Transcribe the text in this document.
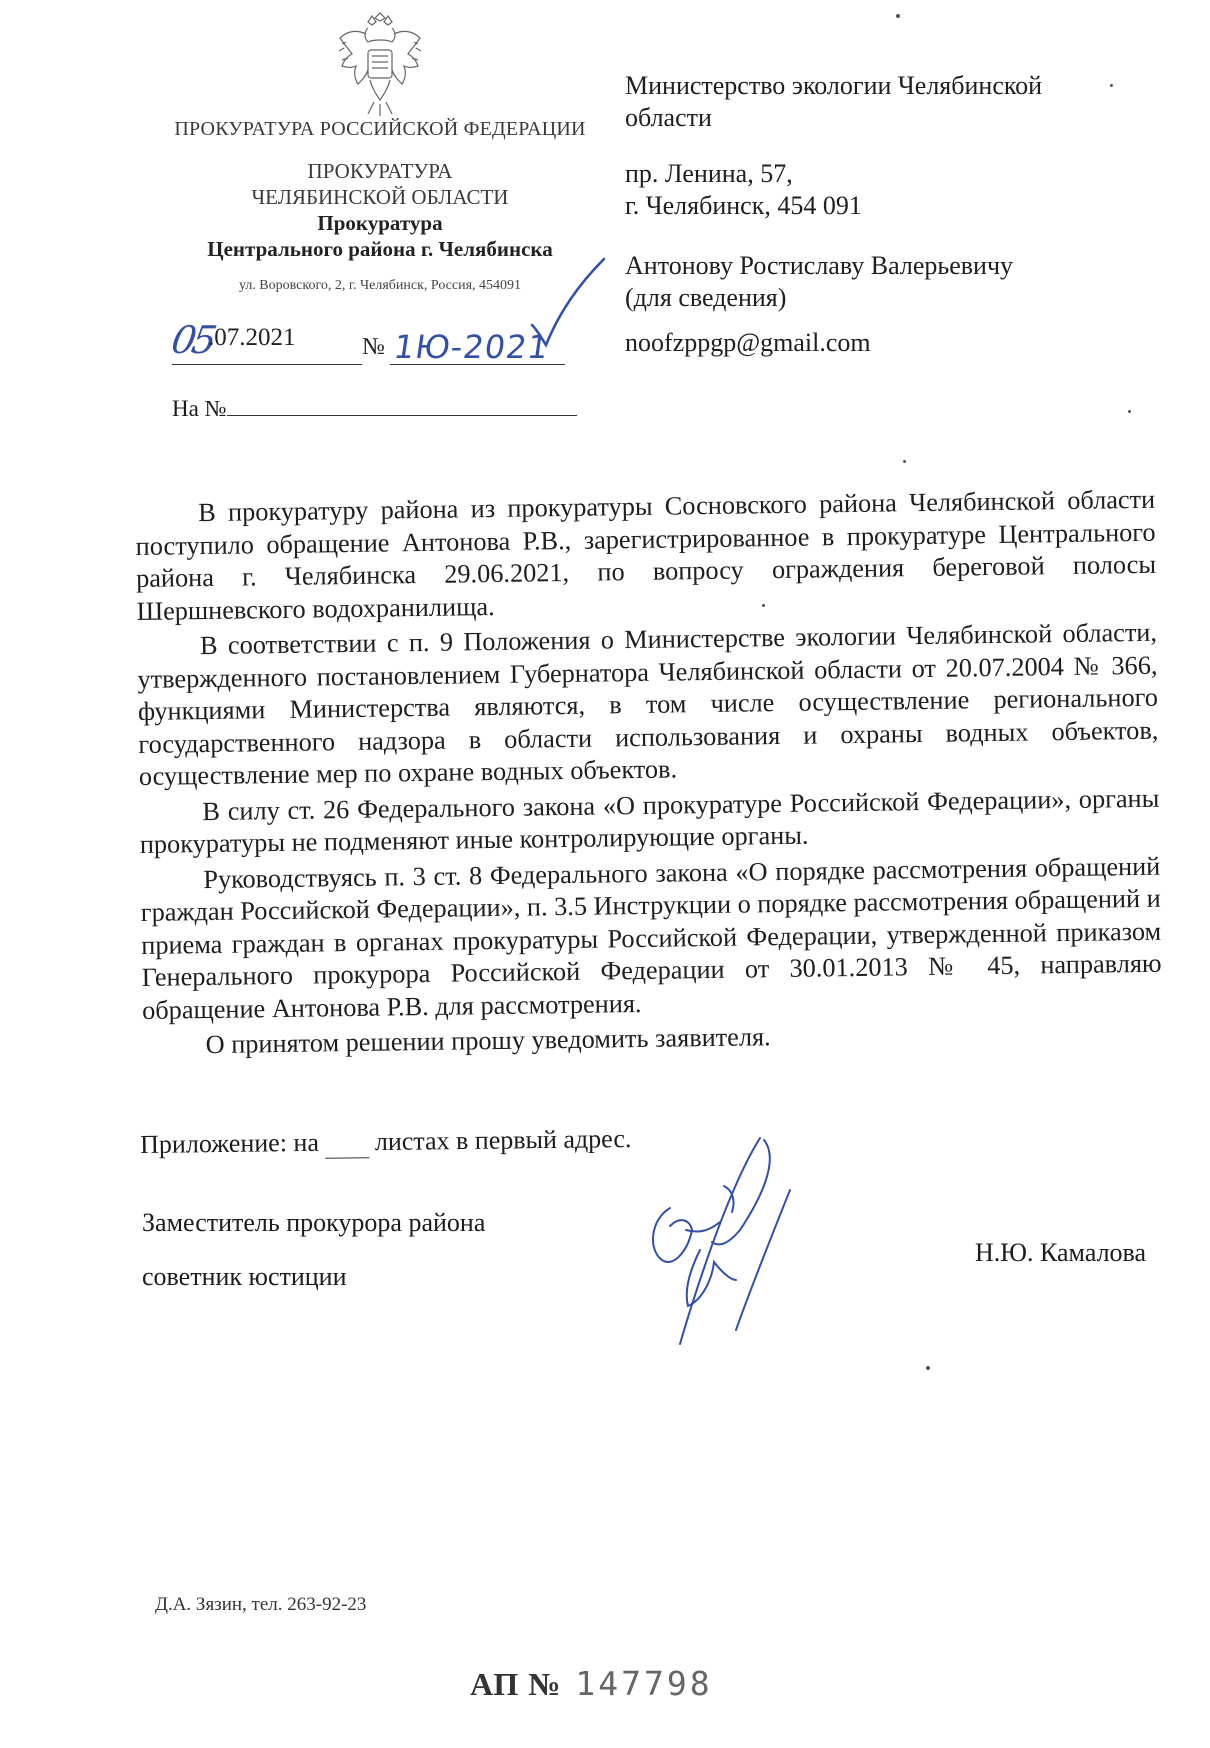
ПРОКУРАТУРА РОССИЙСКОЙ ФЕДЕРАЦИИ
ПРОКУРАТУРА
ЧЕЛЯБИНСКОЙ ОБЛАСТИ
Прокуратура
Центрального района г. Челябинска
ул. Воровского, 2, г. Челябинск, Россия, 454091
05
.07.2021	№ 1Ю-2021
На №
Министерство экологии Челябинской
области
пр. Ленина, 57,
г. Челябинск, 454 091
Антонову Ростиславу Валерьевичу
(для сведения)
noofzppgp@gmail.com

В прокуратуру района из прокуратуры Сосновского района Челябинской области поступило обращение Антонова Р.В., зарегистрированное в прокуратуре Центрального района г. Челябинска 29.06.2021, по вопросу ограждения береговой полосы Шершневского водохранилища.

В соответствии с п. 9 Положения о Министерстве экологии Челябинской области, утвержденного постановлением Губернатора Челябинской области от 20.07.2004 № 366, функциями Министерства являются, в том числе осуществление регионального государственного надзора в области использования и охраны водных объектов, осуществление мер по охране водных объектов.

В силу ст. 26 Федерального закона «О прокуратуре Российской Федерации», органы прокуратуры не подменяют иные контролирующие органы.

Руководствуясь п. 3 ст. 8 Федерального закона «О порядке рассмотрения обращений граждан Российской Федерации», п. 3.5 Инструкции о порядке рассмотрения обращений и приема граждан в органах прокуратуры Российской Федерации, утвержденной приказом Генерального прокурора Российской Федерации от 30.01.2013 № 45, направляю обращение Антонова Р.В. для рассмотрения.

О принятом решении прошу уведомить заявителя.

Приложение: на листах в первый адрес.
Заместитель прокурора района
советник юстиции
Н.Ю. Камалова
Д.А. Зязин, тел. 263-92-23
АП № 147798
